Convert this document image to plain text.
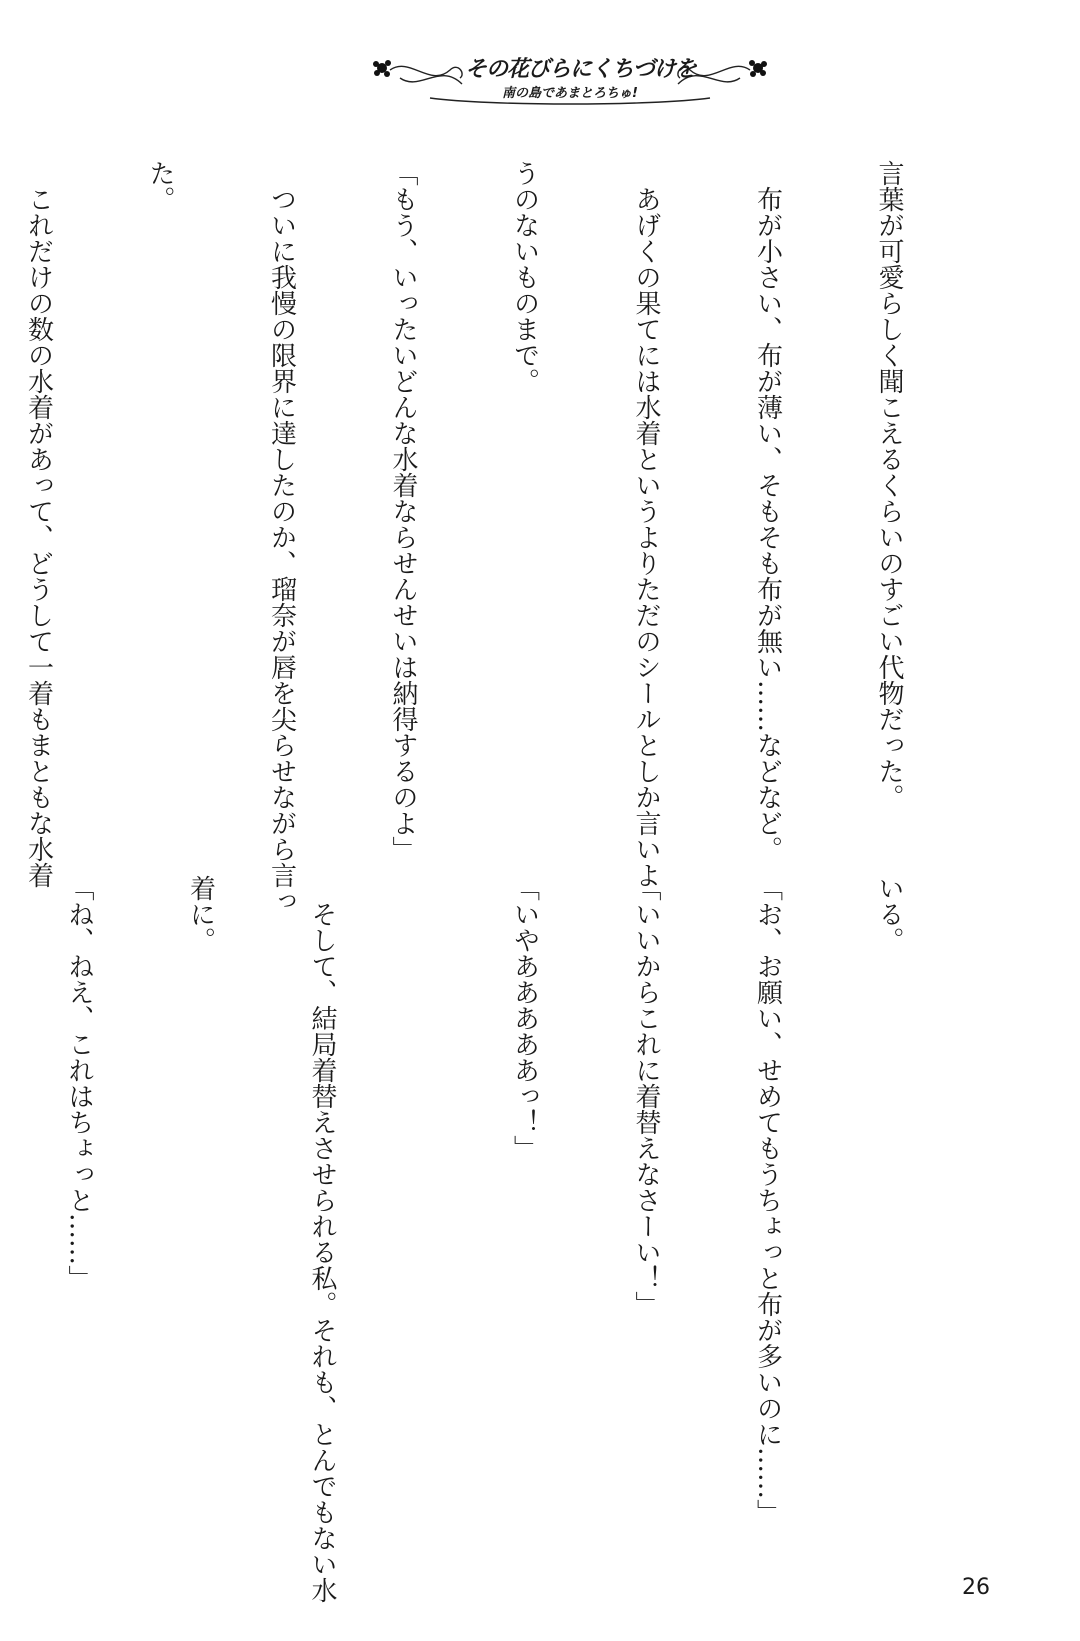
その花びらにくちづけを
南の島であまとろちゅ!

言葉が可愛らしく聞こえるくらいのすごい代物だった。

　布が小さい、布が薄い、そもそも布が無い……などなど。

　あげくの果てには水着というよりただのシールとしか言いよ

うのないものまで。

「もう、いったいどんな水着ならせんせいは納得するのよ」

　ついに我慢の限界に達したのか、瑠奈が唇を尖らせながら言っ

た。

　これだけの数の水着があって、どうして一着もまともな水着

いる。

「お、お願い、せめてもうちょっと布が多いのに……」

「いいからこれに着替えなさーい！」

「いやあああああっ！」

　そして、結局着替えさせられる私。それも、とんでもない水

着に。

「ね、ねえ、これはちょっと……」

26
